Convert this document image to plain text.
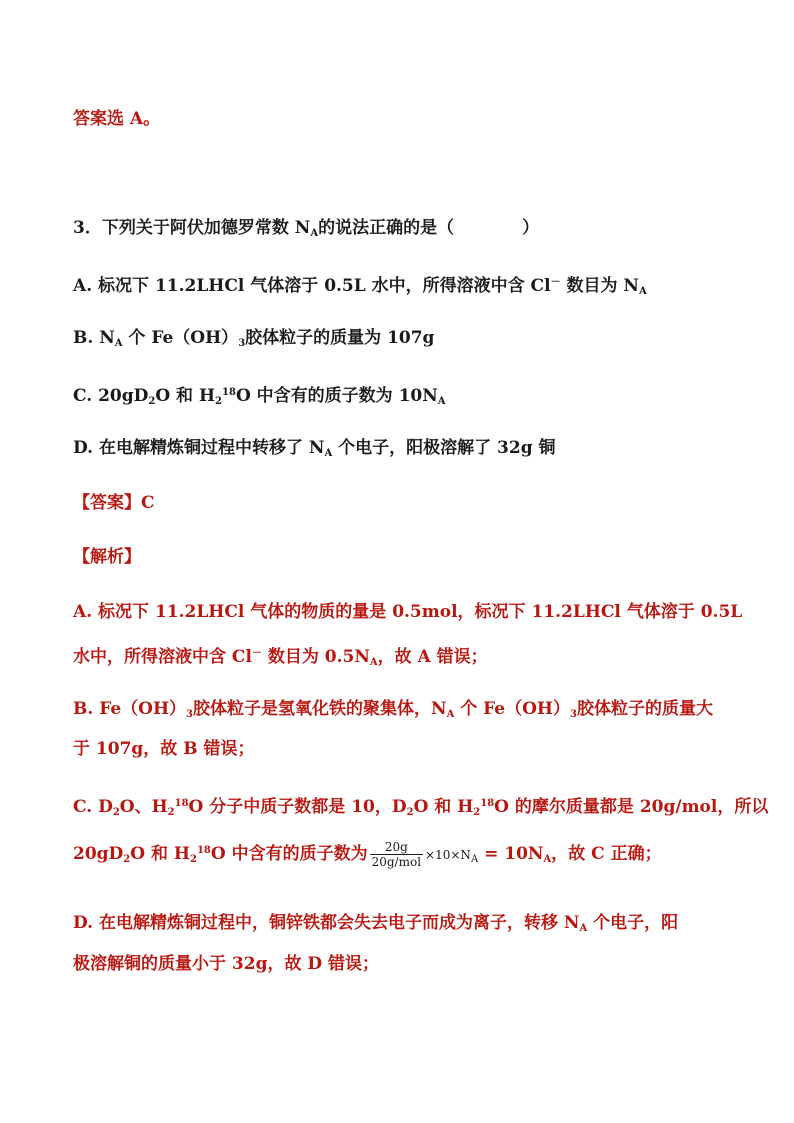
答案选 A。
3．下列关于阿伏加德罗常数 $N_A$的说法正确的是（　　　　）
A. 标况下 11.2LHCl 气体溶于 0.5L 水中，所得溶液中含 Cl－ 数目为 $N_A$
B. $N_A$ 个 $Fe(OH)_3$胶体粒子的质量为 107g
C. $20gD_2O$ 和 $H_2^{18}O$ 中含有的质子数为 $10N_A$
D. 在电解精炼铜过程中转移了 $N_A$ 个电子，阳极溶解了 32g 铜
【答案】C
【解析】
A. 标况下 11.2LHCl 气体的物质的量是 0.5mol，标况下 11.2LHCl 气体溶于 0.5L
水中，所得溶液中含 Cl－ 数目为 $0.5N_A$，故 A 错误；
B. $Fe(OH)_3$胶体粒子是氢氧化铁的聚集体，$N_A$ 个 $Fe(OH)_3$胶体粒子的质量大
于 107g，故 B 错误；
C. $D_2O$、$H_2^{18}O$ 分子中质子数都是 10，$D_2O$ 和 $H_2^{18}O$ 的摩尔质量都是 20g/mol，所以
$20gD_2O$ 和 $H_2^{18}O$ 中含有的质子数为 $\frac{20g}{\text{20g/mol}} \times 10\times N_A = 10N_A$，故 C 正确；
D. 在电解精炼铜过程中，铜锌铁都会失去电子而成为离子，转移 $N_A$ 个电子，阳
极溶解铜的质量小于 32g，故 D 错误；
